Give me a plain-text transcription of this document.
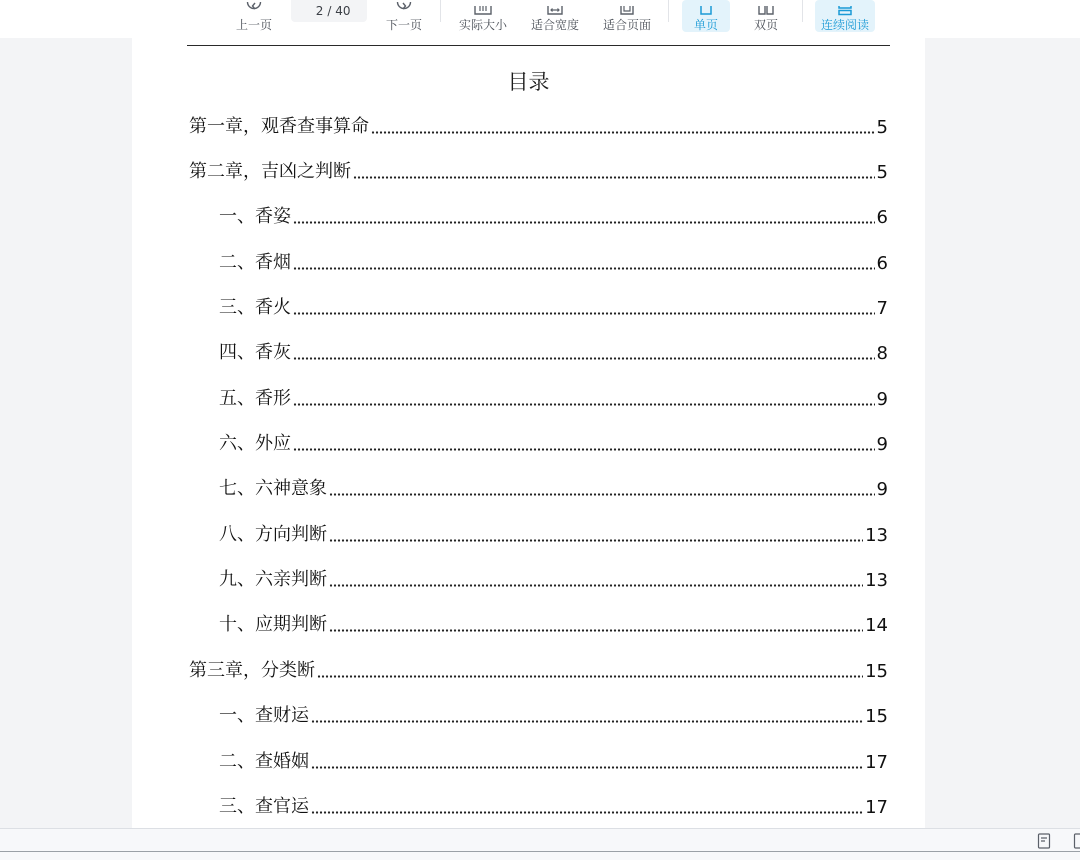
上一页
2 / 40
下一页	实际大小 适合宽度 适合页面	单页	双页	连续阅读
目录
第一章，观香查事算命	5
第二章，吉凶之判断	5
一、香姿	6
二、香烟	6
三、香火	7
四、香灰	8
五、香形	9
六、外应	9
七、六神意象	9
八、方向判断	13
九、六亲判断	13
十、应期判断	14
第三章，分类断	15
一、查财运	15
二、查婚姻	17
三、查官运	17
